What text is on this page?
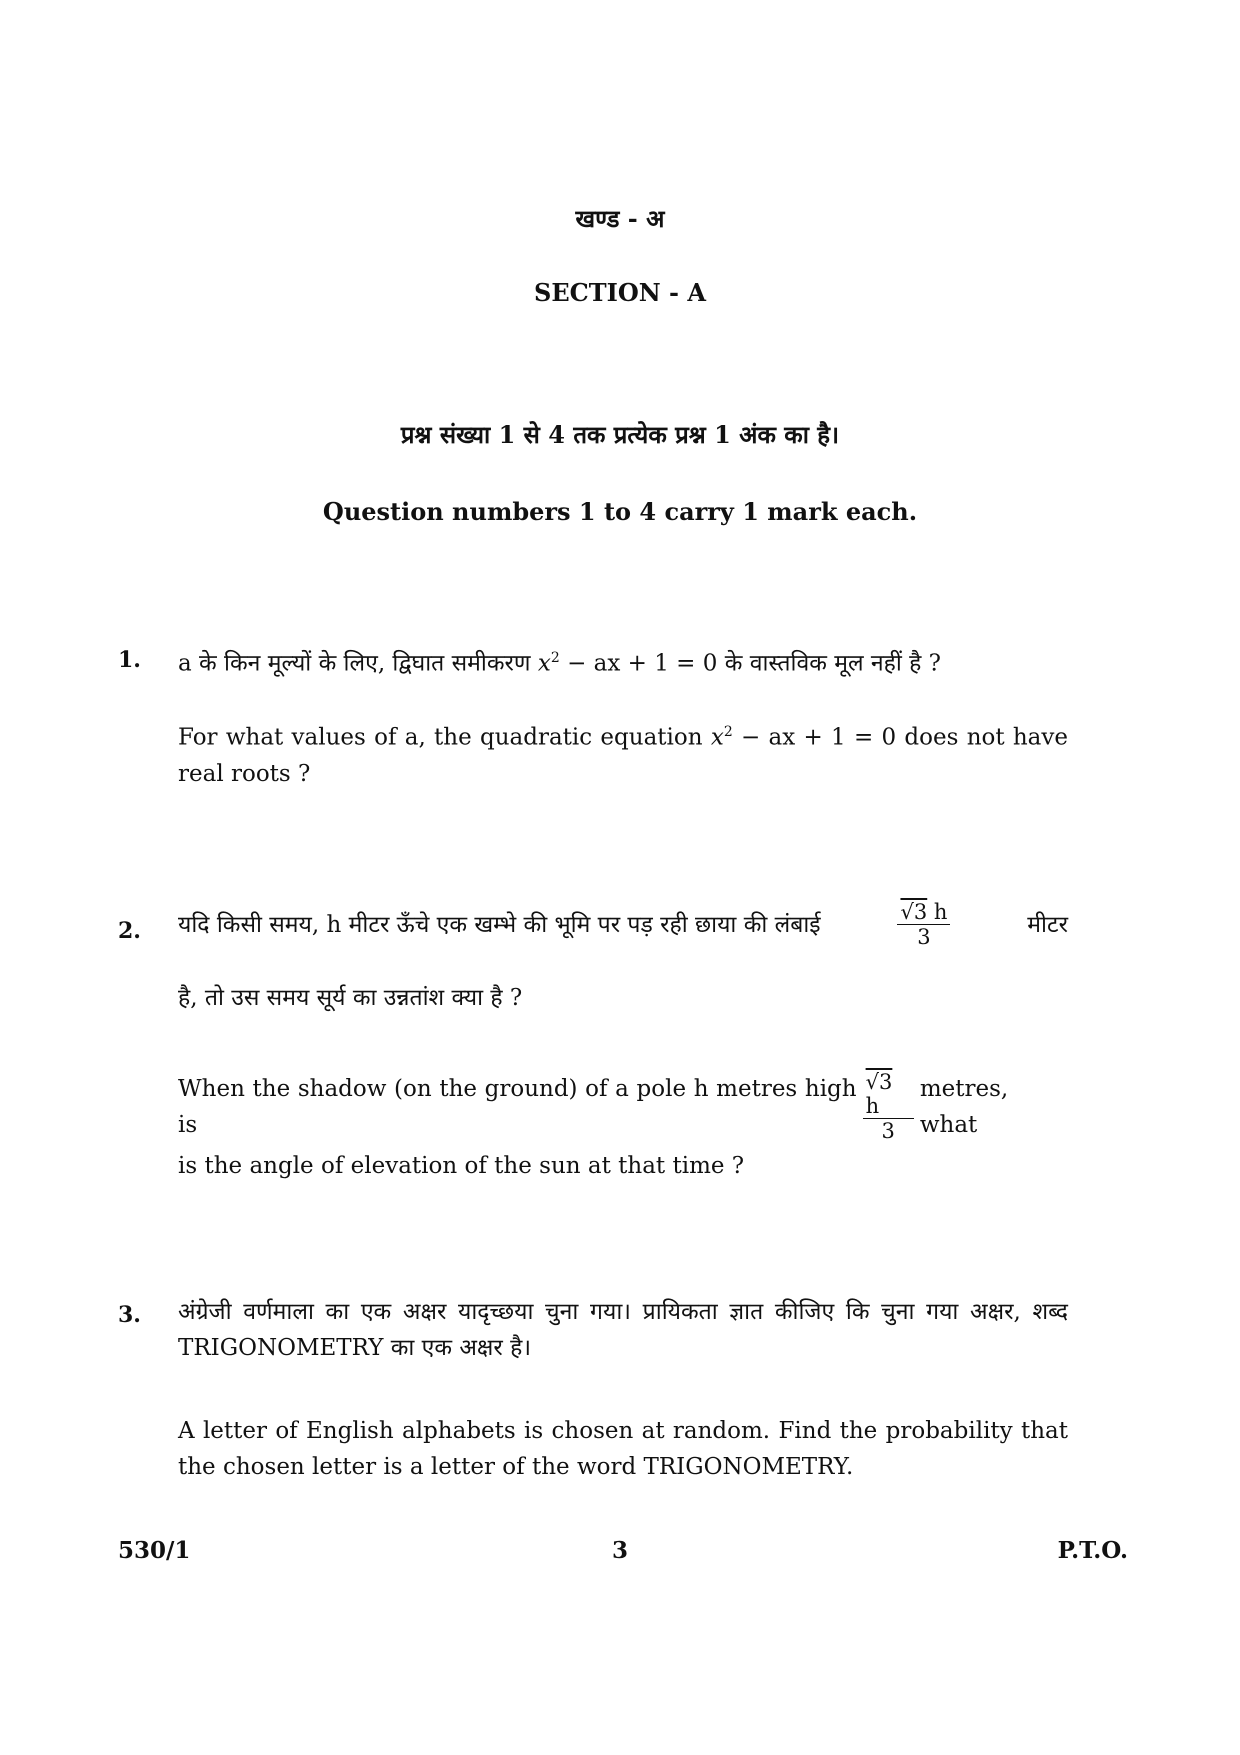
खण्ड - अ
SECTION - A
प्रश्न संख्या 1 से 4 तक प्रत्येक प्रश्न 1 अंक का है।
Question numbers 1 to 4 carry 1 mark each.
1. a के किन मूल्यों के लिए, द्विघात समीकरण $x^2$ − ax + 1 = 0 के वास्तविक मूल नहीं है ?
For what values of a, the quadratic equation $x^2$ − ax + 1 = 0 does not have real roots ?
2. यदि किसी समय, h मीटर ऊँचे एक खम्भे की भूमि पर पड़ रही छाया की लंबाई	$\frac{√3 h}{3}$	मीटर
है, तो उस समय सूर्य का उन्नतांश क्या है ?
When the shadow (on the ground) of a pole h metres high is	$\frac{√3 h}{3}$ metres, what
is the angle of elevation of the sun at that time ?
3. अंग्रेजी वर्णमाला का एक अक्षर यादृच्छया चुना गया। प्रायिकता ज्ञात कीजिए कि चुना गया अक्षर, शब्द TRIGONOMETRY का एक अक्षर है।
A letter of English alphabets is chosen at random. Find the probability that the chosen letter is a letter of the word TRIGONOMETRY.
530/1	3	P.T.O.
